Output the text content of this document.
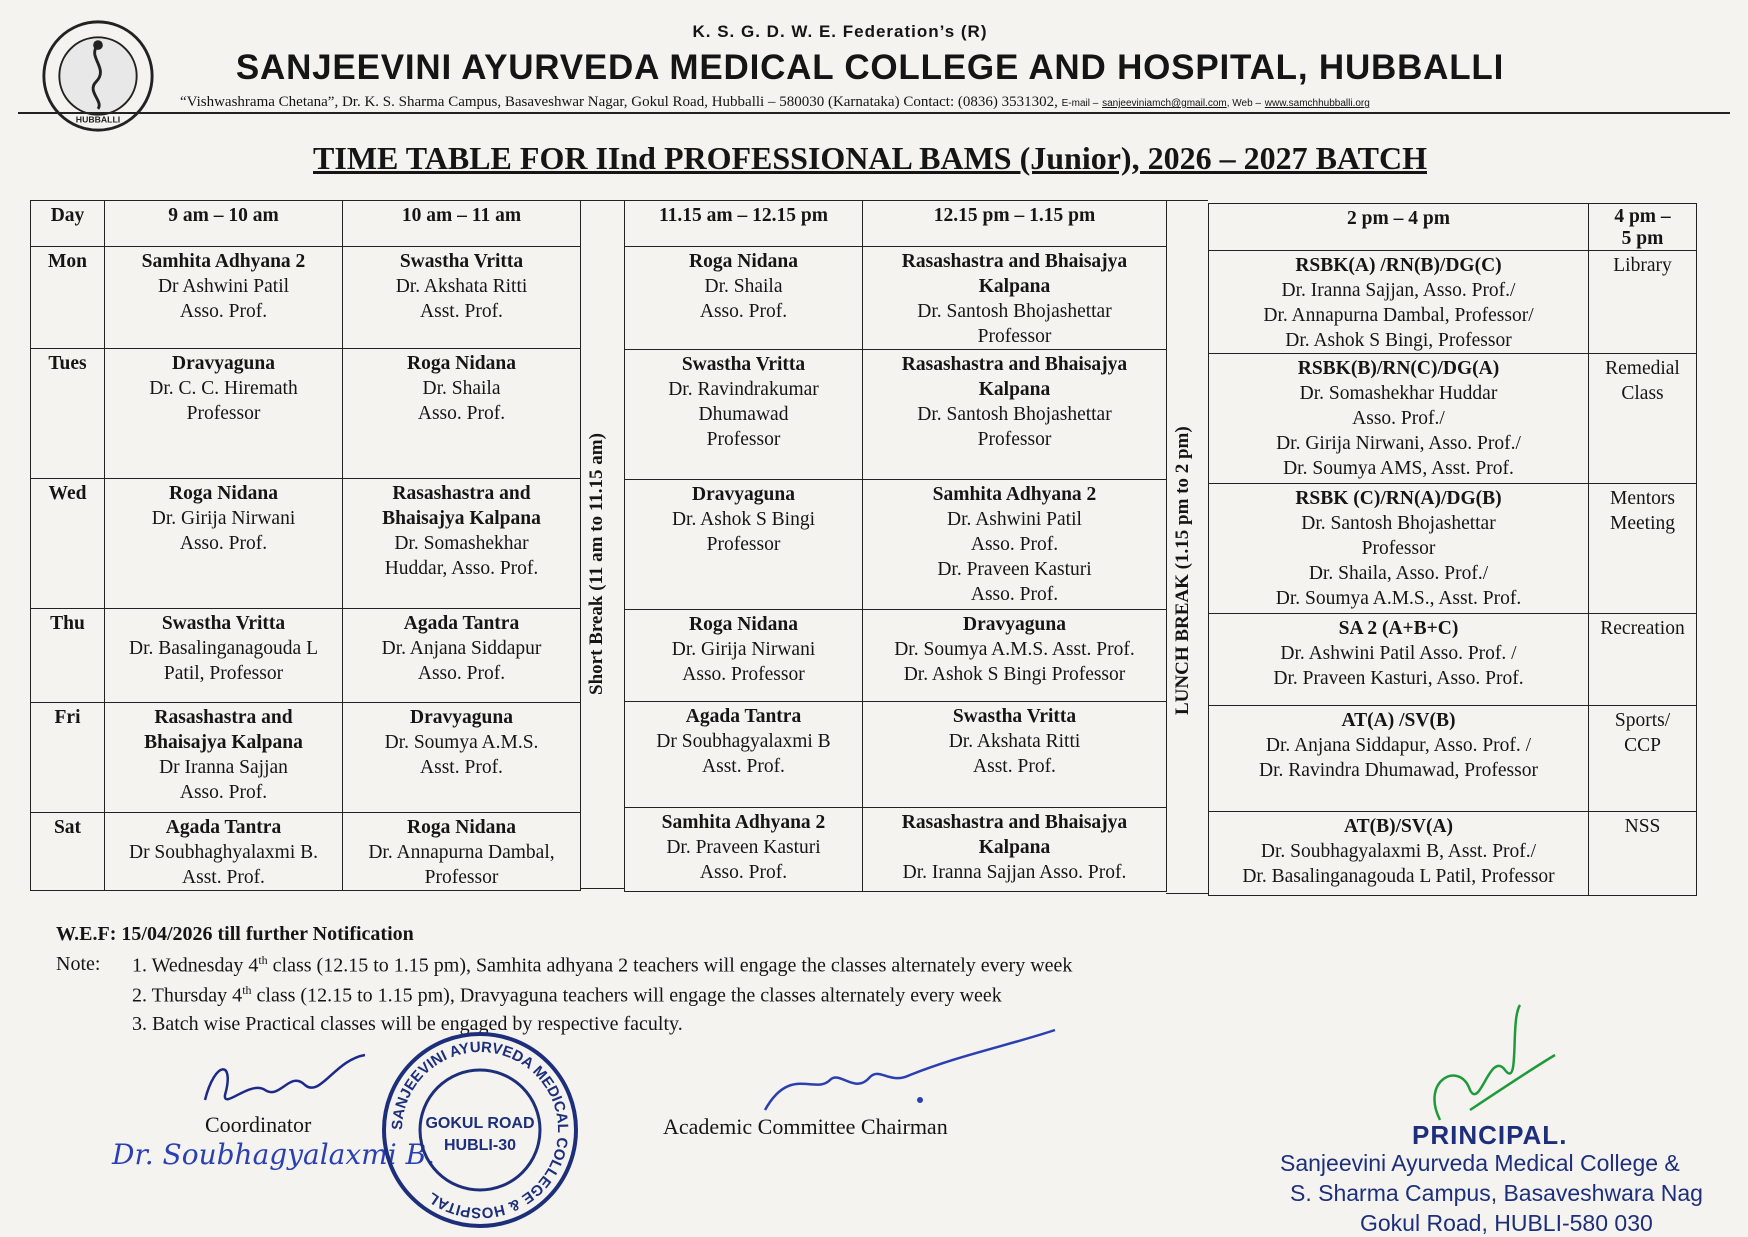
HUBBALLI
K. S. G. D. W. E. Federation’s (R)
SANJEEVINI AYURVEDA MEDICAL COLLEGE AND HOSPITAL, HUBBALLI
“Vishwashrama Chetana”, Dr. K. S. Sharma Campus, Basaveshwar Nagar, Gokul Road, Hubballi – 580030 (Karnataka) Contact: (0836) 3531302, E-mail – sanjeeviniamch@gmail.com, Web – www.samchhubballi.org
TIME TABLE FOR IInd PROFESSIONAL BAMS (Junior), 2026 – 2027 BATCH
Day	9 am – 10 am	10 am – 11 am
Mon	Samhita Adhyana 2
Dr Ashwini Patil
Asso. Prof.	Swastha Vritta
Dr. Akshata Ritti
Asst. Prof.

Tues	Dravyaguna
Dr. C. C. Hiremath
Professor	Roga Nidana
Dr. Shaila
Asso. Prof.

Wed	Roga Nidana
Dr. Girija Nirwani
Asso. Prof.	Rasashastra and
Bhaisajya Kalpana
Dr. Somashekhar
Huddar, Asso. Prof.

Thu	Swastha Vritta
Dr. Basalinganagouda L
Patil, Professor	Agada Tantra
Dr. Anjana Siddapur
Asso. Prof.

Fri	Rasashastra and
Bhaisajya Kalpana
Dr Iranna Sajjan
Asso. Prof.	Dravyaguna
Dr. Soumya A.M.S.
Asst. Prof.

Sat	Agada Tantra
Dr Soubhaghyalaxmi B.
Asst. Prof.	Roga Nidana
Dr. Annapurna Dambal,
Professor
Short Break (11 am to 11.15 am)
11.15 am – 12.15 pm	12.15 pm – 1.15 pm

Roga Nidana
Dr. Shaila
Asso. Prof.	Rasashastra and Bhaisajya
Kalpana
Dr. Santosh Bhojashettar
Professor

Swastha Vritta
Dr. Ravindrakumar
Dhumawad
Professor	Rasashastra and Bhaisajya
Kalpana
Dr. Santosh Bhojashettar
Professor

Dravyaguna
Dr. Ashok S Bingi
Professor	Samhita Adhyana 2
Dr. Ashwini Patil
Asso. Prof.
Dr. Praveen Kasturi
Asso. Prof.

Roga Nidana
Dr. Girija Nirwani
Asso. Professor	Dravyaguna
Dr. Soumya A.M.S. Asst. Prof.
Dr. Ashok S Bingi Professor

Agada Tantra
Dr Soubhagyalaxmi B
Asst. Prof.	Swastha Vritta
Dr. Akshata Ritti
Asst. Prof.

Samhita Adhyana 2
Dr. Praveen Kasturi
Asso. Prof.	Rasashastra and Bhaisajya
Kalpana
Dr. Iranna Sajjan Asso. Prof.
LUNCH BREAK (1.15 pm to 2 pm)
2 pm – 4 pm	4 pm –
5 pm

RSBK(A) /RN(B)/DG(C)
Dr. Iranna Sajjan, Asso. Prof./
Dr. Annapurna Dambal, Professor/
Dr. Ashok S Bingi, Professor	Library

RSBK(B)/RN(C)/DG(A)
Dr. Somashekhar Huddar
Asso. Prof./
Dr. Girija Nirwani, Asso. Prof./
Dr. Soumya AMS, Asst. Prof.	Remedial
Class

RSBK (C)/RN(A)/DG(B)
Dr. Santosh Bhojashettar
Professor
Dr. Shaila, Asso. Prof./
Dr. Soumya A.M.S., Asst. Prof.	Mentors
Meeting

SA 2 (A+B+C)
Dr. Ashwini Patil Asso. Prof. /
Dr. Praveen Kasturi, Asso. Prof.	Recreation

AT(A) /SV(B)
Dr. Anjana Siddapur, Asso. Prof. /
Dr. Ravindra Dhumawad, Professor	Sports/
CCP

AT(B)/SV(A)
Dr. Soubhagyalaxmi B, Asst. Prof./
Dr. Basalinganagouda L Patil, Professor	NSS
W.E.F: 15/04/2026 till further Notification
Note: 1. Wednesday 4th class (12.15 to 1.15 pm), Samhita adhyana 2 teachers will engage the classes alternately every week
2. Thursday 4th class (12.15 to 1.15 pm), Dravyaguna teachers will engage the classes alternately every week
3. Batch wise Practical classes will be engaged by respective faculty.
Coordinator
Dr. Soubhagyalaxmi B.
SANJEEVINI AYURVEDA MEDICAL COLLEGE & HOSPITAL
GOKUL ROAD
HUBLI-30
Academic Committee Chairman	PRINCIPAL.
Sanjeevini Ayurveda Medical College &
S. Sharma Campus, Basaveshwara Nag
Gokul Road, HUBLI-580 030
